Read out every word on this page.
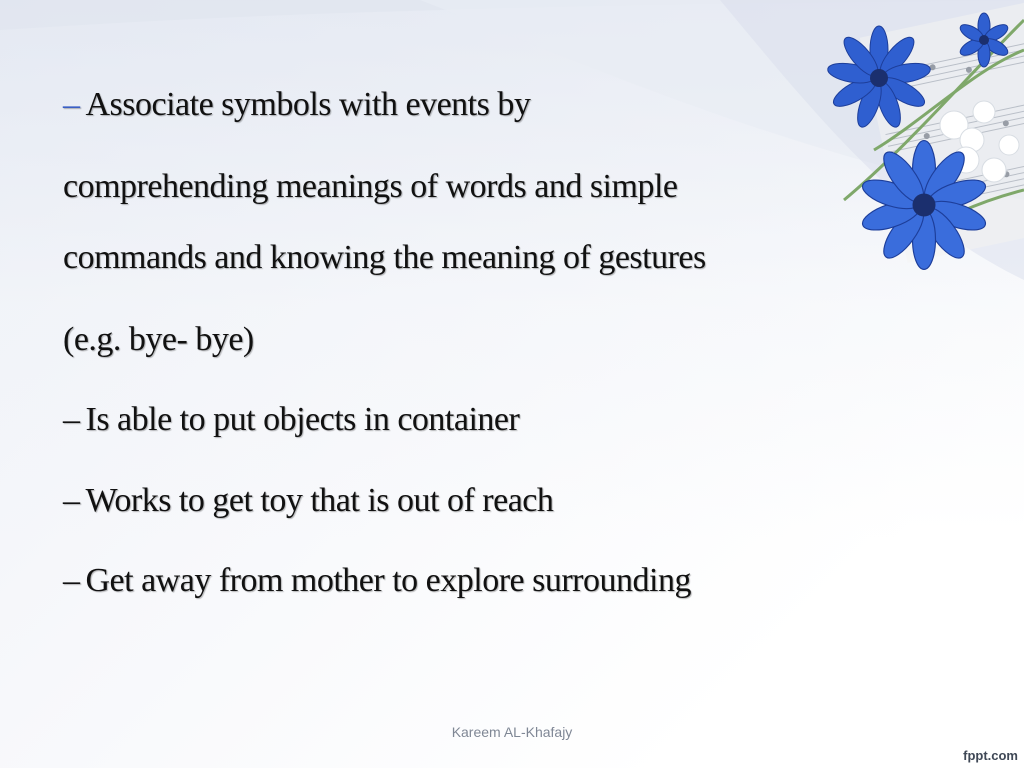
– Associate symbols with events by
comprehending meanings of words and simple
commands and knowing the meaning of gestures
(e.g. bye- bye)
– Is able to put objects in container
– Works to get toy that is out of reach
– Get away from mother to explore surrounding
Kareem AL-Khafajy
fppt.com
